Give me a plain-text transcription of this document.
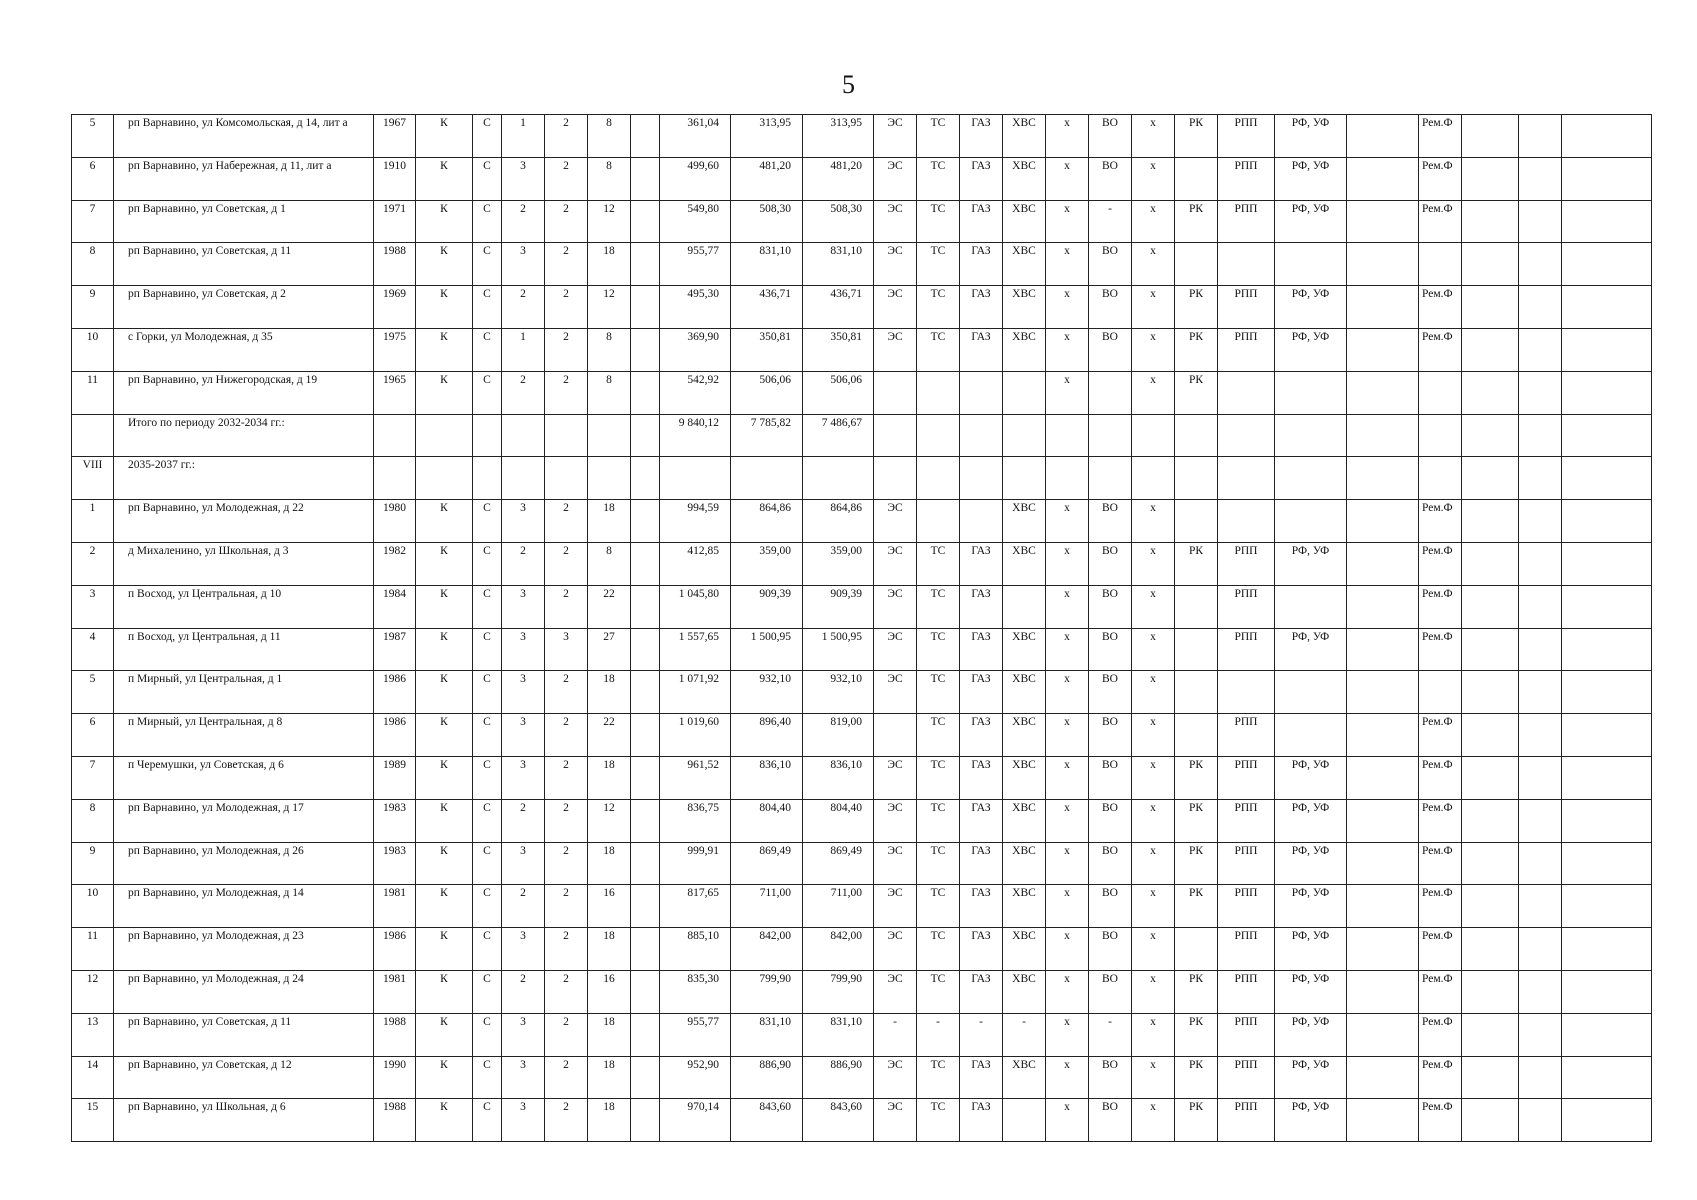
5
5	рп Варнавино, ул Комсомольская, д 14, лит а	1967	К	С	1	2	8		361,04	313,95	313,95	ЭС	ТС	ГАЗ	ХВС	х	ВО	х	РК	РПП	РФ, УФ		Рем.Ф			
6	рп Варнавино, ул Набережная, д 11, лит а	1910	К	С	3	2	8		499,60	481,20	481,20	ЭС	ТС	ГАЗ	ХВС	х	ВО	х		РПП	РФ, УФ		Рем.Ф			
7	рп Варнавино, ул Советская, д 1	1971	К	С	2	2	12		549,80	508,30	508,30	ЭС	ТС	ГАЗ	ХВС	х	-	х	РК	РПП	РФ, УФ		Рем.Ф			
8	рп Варнавино, ул Советская, д 11	1988	К	С	3	2	18		955,77	831,10	831,10	ЭС	ТС	ГАЗ	ХВС	х	ВО	х								
9	рп Варнавино, ул Советская, д 2	1969	К	С	2	2	12		495,30	436,71	436,71	ЭС	ТС	ГАЗ	ХВС	х	ВО	х	РК	РПП	РФ, УФ		Рем.Ф			
10	с Горки, ул Молодежная, д 35	1975	К	С	1	2	8		369,90	350,81	350,81	ЭС	ТС	ГАЗ	ХВС	х	ВО	х	РК	РПП	РФ, УФ		Рем.Ф			
11	рп Варнавино, ул Нижегородская, д 19	1965	К	С	2	2	8		542,92	506,06	506,06					х		х	РК							
	Итого по периоду 2032-2034 гг.:								9 840,12	7 785,82	7 486,67															
VIII	2035-2037 гг.:																									
1	рп Варнавино, ул Молодежная, д 22	1980	К	С	3	2	18		994,59	864,86	864,86	ЭС			ХВС	х	ВО	х					Рем.Ф			
2	д Михаленино, ул Школьная, д 3	1982	К	С	2	2	8		412,85	359,00	359,00	ЭС	ТС	ГАЗ	ХВС	х	ВО	х	РК	РПП	РФ, УФ		Рем.Ф			
3	п Восход, ул Центральная, д 10	1984	К	С	3	2	22		1 045,80	909,39	909,39	ЭС	ТС	ГАЗ		х	ВО	х		РПП			Рем.Ф			
4	п Восход, ул Центральная, д 11	1987	К	С	3	3	27		1 557,65	1 500,95	1 500,95	ЭС	ТС	ГАЗ	ХВС	х	ВО	х		РПП	РФ, УФ		Рем.Ф			
5	п Мирный, ул Центральная, д 1	1986	К	С	3	2	18		1 071,92	932,10	932,10	ЭС	ТС	ГАЗ	ХВС	х	ВО	х								
6	п Мирный, ул Центральная, д 8	1986	К	С	3	2	22		1 019,60	896,40	819,00		ТС	ГАЗ	ХВС	х	ВО	х		РПП			Рем.Ф			
7	п Черемушки, ул Советская, д 6	1989	К	С	3	2	18		961,52	836,10	836,10	ЭС	ТС	ГАЗ	ХВС	х	ВО	х	РК	РПП	РФ, УФ		Рем.Ф			
8	рп Варнавино, ул Молодежная, д 17	1983	К	С	2	2	12		836,75	804,40	804,40	ЭС	ТС	ГАЗ	ХВС	х	ВО	х	РК	РПП	РФ, УФ		Рем.Ф			
9	рп Варнавино, ул Молодежная, д 26	1983	К	С	3	2	18		999,91	869,49	869,49	ЭС	ТС	ГАЗ	ХВС	х	ВО	х	РК	РПП	РФ, УФ		Рем.Ф			
10	рп Варнавино, ул Молодежная, д 14	1981	К	С	2	2	16		817,65	711,00	711,00	ЭС	ТС	ГАЗ	ХВС	х	ВО	х	РК	РПП	РФ, УФ		Рем.Ф			
11	рп Варнавино, ул Молодежная, д 23	1986	К	С	3	2	18		885,10	842,00	842,00	ЭС	ТС	ГАЗ	ХВС	х	ВО	х		РПП	РФ, УФ		Рем.Ф			
12	рп Варнавино, ул Молодежная, д 24	1981	К	С	2	2	16		835,30	799,90	799,90	ЭС	ТС	ГАЗ	ХВС	х	ВО	х	РК	РПП	РФ, УФ		Рем.Ф			
13	рп Варнавино, ул Советская, д 11	1988	К	С	3	2	18		955,77	831,10	831,10	-	-	-	-	х	-	х	РК	РПП	РФ, УФ		Рем.Ф			
14	рп Варнавино, ул Советская, д 12	1990	К	С	3	2	18		952,90	886,90	886,90	ЭС	ТС	ГАЗ	ХВС	х	ВО	х	РК	РПП	РФ, УФ		Рем.Ф			
15	рп Варнавино, ул Школьная, д 6	1988	К	С	3	2	18		970,14	843,60	843,60	ЭС	ТС	ГАЗ		х	ВО	х	РК	РПП	РФ, УФ		Рем.Ф			
